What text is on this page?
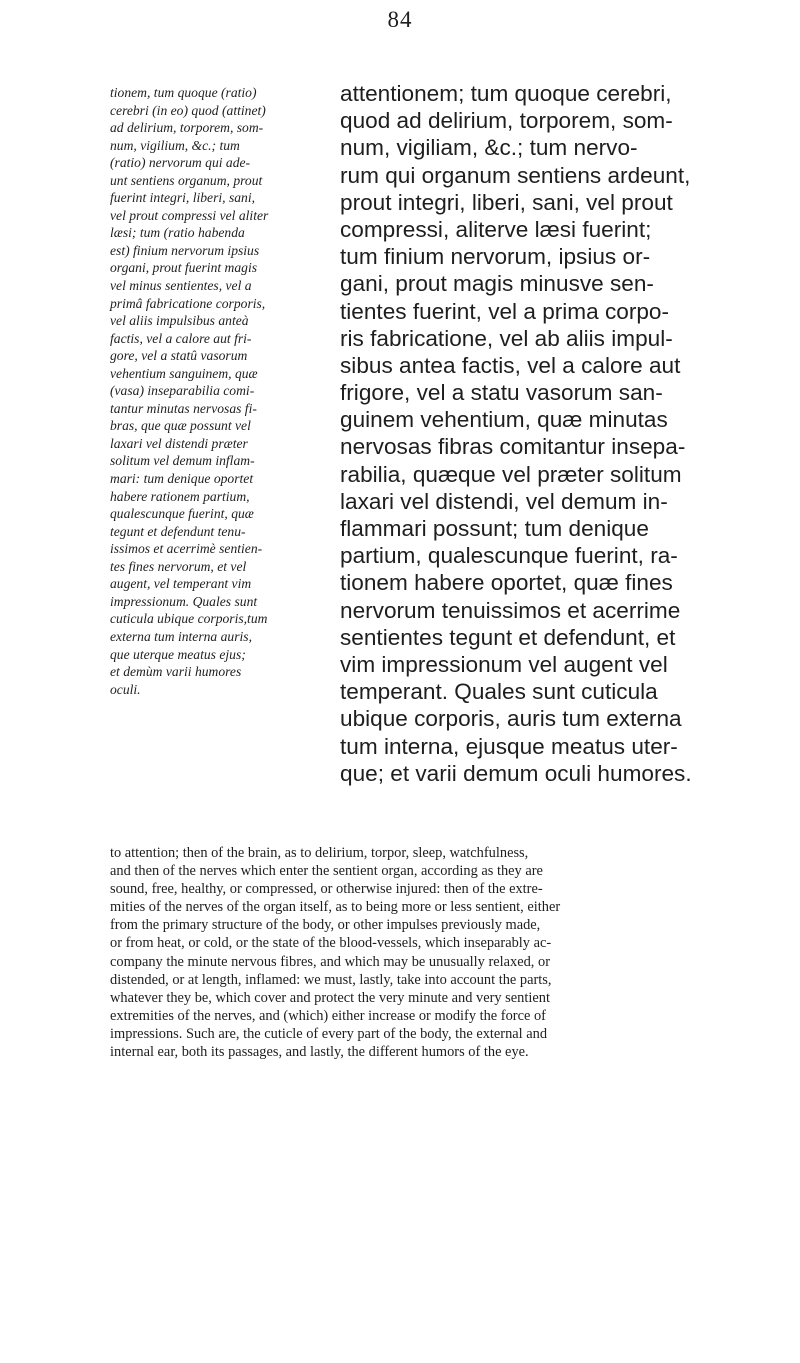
84
tionem, tum quoque (ratio)
cerebri (in eo) quod (attinet)
ad delirium, torporem, som-
num, vigilium, &c.; tum
(ratio) nervorum qui ade-
unt sentiens organum, prout
fuerint integri, liberi, sani,
vel prout compressi vel aliter
læsi; tum (ratio habenda
est) finium nervorum ipsius
organi, prout fuerint magis
vel minus sentientes, vel a
primâ fabricatione corporis,
vel aliis impulsibus anteà
factis, vel a calore aut fri-
gore, vel a statû vasorum
vehentium sanguinem, quæ
(vasa) inseparabilia comi-
tantur minutas nervosas fi-
bras, que quæ possunt vel
laxari vel distendi præter
solitum vel demum inflam-
mari: tum denique oportet
habere rationem partium,
qualescunque fuerint, quæ
tegunt et defendunt tenu-
issimos et acerrimè sentien-
tes fines nervorum, et vel
augent, vel temperant vim
impressionum. Quales sunt
cuticula ubique corporis,tum
externa tum interna auris,
que uterque meatus ejus;
et demùm varii humores
oculi.
attentionem; tum quoque cerebri,
quod ad delirium, torporem, som-
num, vigiliam, &c.; tum nervo-
rum qui organum sentiens ardeunt,
prout integri, liberi, sani, vel prout
compressi, aliterve læsi fuerint;
tum finium nervorum, ipsius or-
gani, prout magis minusve sen-
tientes fuerint, vel a prima corpo-
ris fabricatione, vel ab aliis impul-
sibus antea factis, vel a calore aut
frigore, vel a statu vasorum san-
guinem vehentium, quæ minutas
nervosas fibras comitantur insepa-
rabilia, quæque vel præter solitum
laxari vel distendi, vel demum in-
flammari possunt; tum denique
partium, qualescunque fuerint, ra-
tionem habere oportet, quæ fines
nervorum tenuissimos et acerrime
sentientes tegunt et defendunt, et
vim impressionum vel augent vel
temperant. Quales sunt cuticula
ubique corporis, auris tum externa
tum interna, ejusque meatus uter-
que; et varii demum oculi humores.
to attention; then of the brain, as to delirium, torpor, sleep, watchfulness,
and then of the nerves which enter the sentient organ, according as they are
sound, free, healthy, or compressed, or otherwise injured: then of the extre-
mities of the nerves of the organ itself, as to being more or less sentient, either
from the primary structure of the body, or other impulses previously made,
or from heat, or cold, or the state of the blood-vessels, which inseparably ac-
company the minute nervous fibres, and which may be unusually relaxed, or
distended, or at length, inflamed: we must, lastly, take into account the parts,
whatever they be, which cover and protect the very minute and very sentient
extremities of the nerves, and (which) either increase or modify the force of
impressions. Such are, the cuticle of every part of the body, the external and
internal ear, both its passages, and lastly, the different humors of the eye.
